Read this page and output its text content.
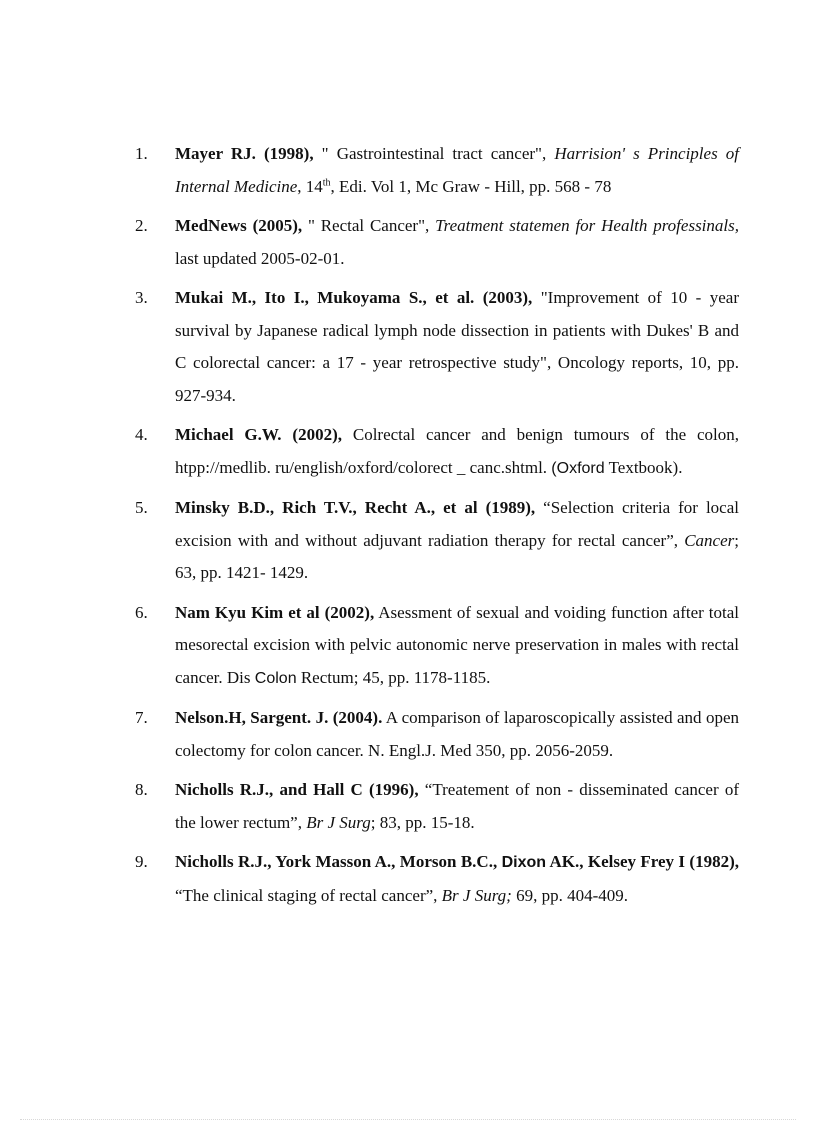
1.	Mayer RJ. (1998), " Gastrointestinal tract cancer", Harrision' s Principles of Internal Medicine, 14th, Edi. Vol 1, Mc Graw - Hill, pp. 568 - 78
2.	MedNews (2005), " Rectal Cancer", Treatment statemen for Health professinals, last updated 2005-02-01.
3.	Mukai M., Ito I., Mukoyama S., et al. (2003), "Improvement of 10 - year survival by Japanese radical lymph node dissection in patients with Dukes' B and C colorectal cancer: a 17 - year retrospective study", Oncology reports, 10, pp. 927-934.
4.	Michael G.W. (2002), Colrectal cancer and benign tumours of the colon, htpp://medlib. ru/english/oxford/colorect _ canc.shtml. (Oxford Textbook).
5.	Minsky B.D., Rich T.V., Recht A., et al (1989), “Selection criteria for local excision with and without adjuvant radiation therapy for rectal cancer”, Cancer; 63, pp. 1421- 1429.
6.	Nam Kyu Kim et al (2002), Asessment of sexual and voiding function after total mesorectal excision with pelvic autonomic nerve preservation in males with rectal cancer. Dis Colon Rectum; 45, pp. 1178-1185.
7.	Nelson.H, Sargent. J. (2004). A comparison of laparoscopically assisted and open colectomy for colon cancer. N. Engl.J. Med 350, pp. 2056-2059.
8.	Nicholls R.J., and Hall C (1996), “Treatement of non - disseminated cancer of the lower rectum”, Br J Surg; 83, pp. 15-18.
9.	Nicholls R.J., York Masson A., Morson B.C., Dixon AK., Kelsey Frey I (1982), “The clinical staging of rectal cancer”, Br J Surg; 69, pp. 404-409.
